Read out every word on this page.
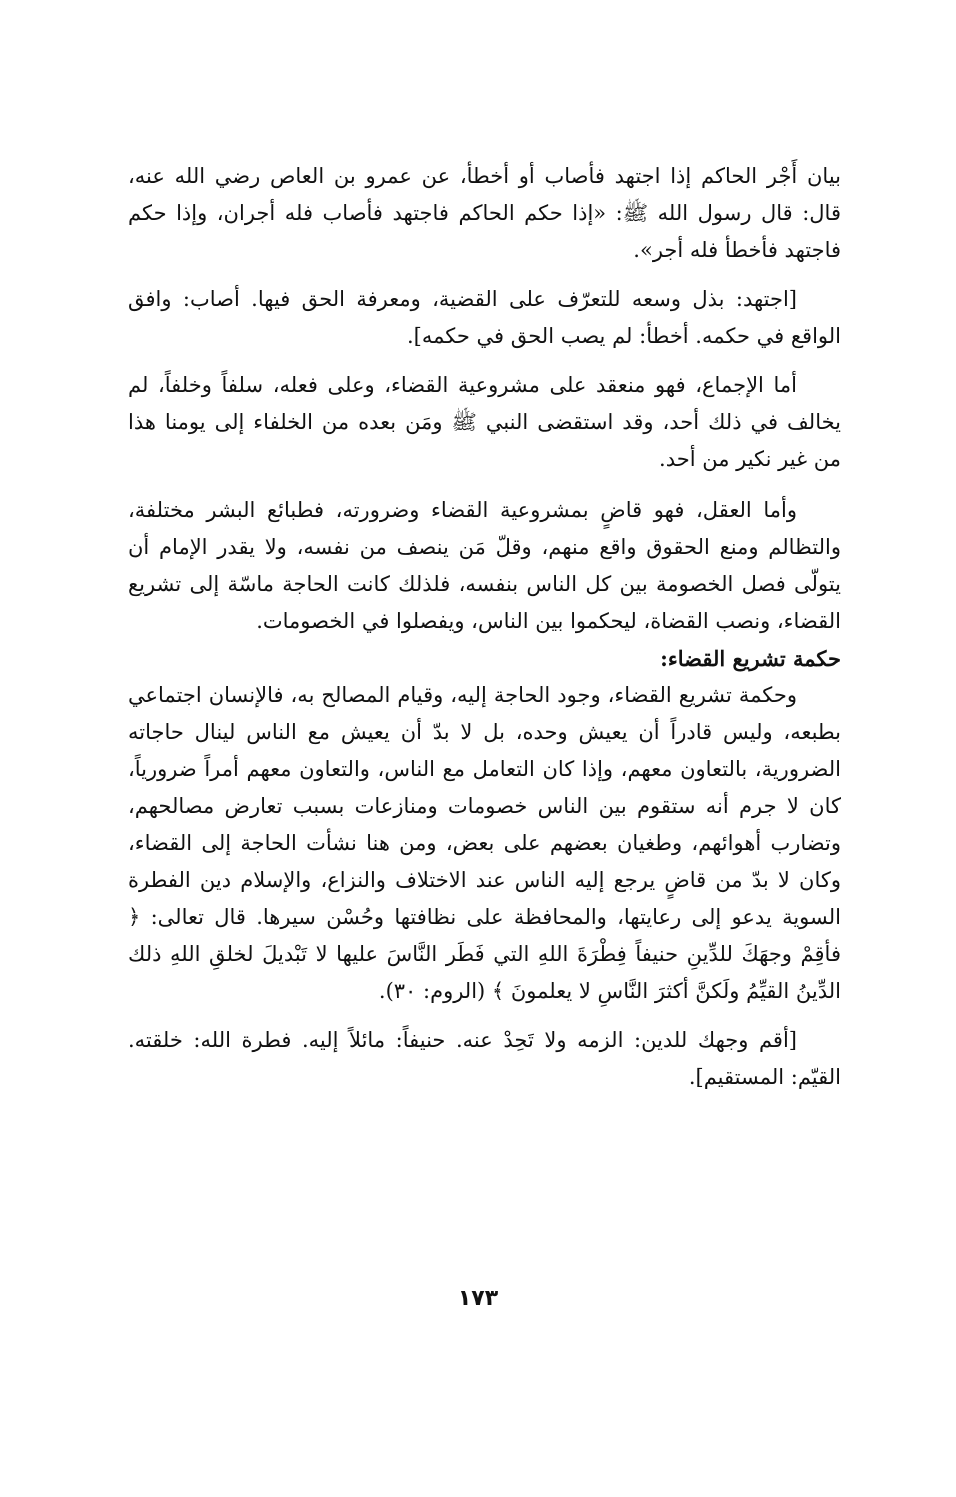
بيان أَجْر الحاكم إذا اجتهد فأصاب أو أخطأ، عن عمرو بن العاص رضي الله عنه، قال: قال رسول الله ﷺ: «إذا حكم الحاكم فاجتهد فأصاب فله أجران، وإذا حكم فاجتهد فأخطأ فله أجر».

[اجتهد: بذل وسعه للتعرّف على القضية، ومعرفة الحق فيها. أصاب: وافق الواقع في حكمه. أخطأ: لم يصب الحق في حكمه].

أما الإجماع، فهو منعقد على مشروعية القضاء، وعلى فعله، سلفاً وخلفاً، لم يخالف في ذلك أحد، وقد استقضى النبي ﷺ ومَن بعده من الخلفاء إلى يومنا هذا من غير نكير من أحد.

وأما العقل، فهو قاضٍ بمشروعية القضاء وضرورته، فطبائع البشر مختلفة، والتظالم ومنع الحقوق واقع منهم، وقلّ مَن ينصف من نفسه، ولا يقدر الإمام أن يتولّى فصل الخصومة بين كل الناس بنفسه، فلذلك كانت الحاجة ماسّة إلى تشريع القضاء، ونصب القضاة، ليحكموا بين الناس، ويفصلوا في الخصومات.

حكمة تشريع القضاء:

وحكمة تشريع القضاء، وجود الحاجة إليه، وقيام المصالح به، فالإنسان اجتماعي بطبعه، وليس قادراً أن يعيش وحده، بل لا بدّ أن يعيش مع الناس لينال حاجاته الضرورية، بالتعاون معهم، وإذا كان التعامل مع الناس، والتعاون معهم أمراً ضرورياً، كان لا جرم أنه ستقوم بين الناس خصومات ومنازعات بسبب تعارض مصالحهم، وتضارب أهوائهم، وطغيان بعضهم على بعض، ومن هنا نشأت الحاجة إلى القضاء، وكان لا بدّ من قاضٍ يرجع إليه الناس عند الاختلاف والنزاع، والإسلام دين الفطرة السوية يدعو إلى رعايتها، والمحافظة على نظافتها وحُسْن سيرها. قال تعالى: ﴿ فأقِمْ وجهَكَ للدِّينِ حنيفاً فِطْرَةَ اللهِ التي فَطَر النَّاسَ عليها لا تَبْديلَ لخلقِ اللهِ ذلك الدِّينُ القيِّمُ ولَكنَّ أكثرَ النَّاسِ لا يعلمونَ ﴾ (الروم: ٣٠).

[أقم وجهك للدين: الزمه ولا تَحِدْ عنه. حنيفاً: مائلاً إليه. فطرة الله: خلقته. القيّم: المستقيم].

١٧٣
